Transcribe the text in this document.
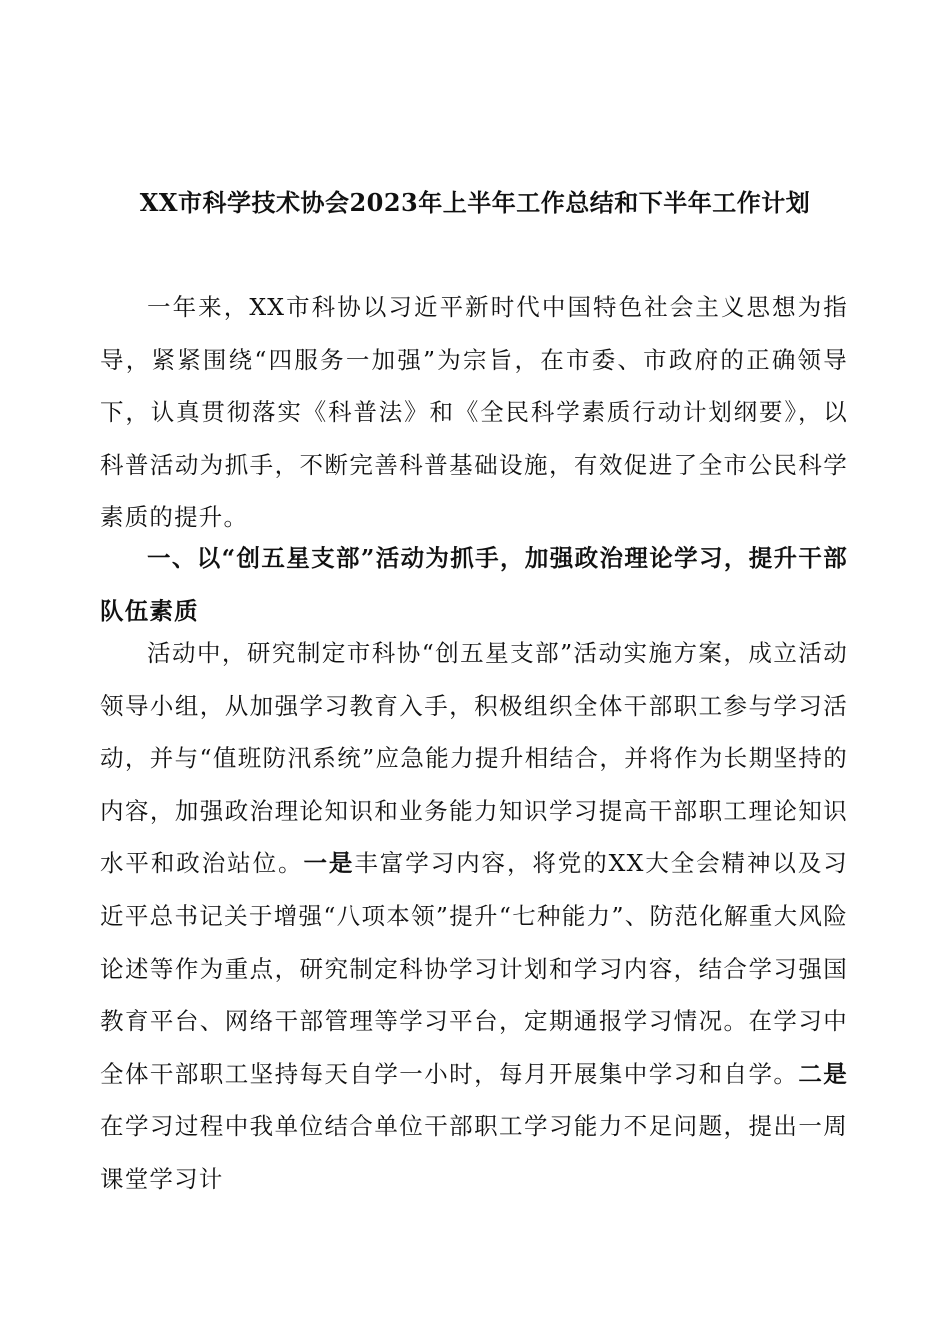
XX市科学技术协会2023年上半年工作总结和下半年工作计划
一年来，XX市科协以习近平新时代中国特色社会主义思想为指导，紧紧围绕“四服务一加强”为宗旨，在市委、市政府的正确领导下，认真贯彻落实《科普法》和《全民科学素质行动计划纲要》，以科普活动为抓手，不断完善科普基础设施，有效促进了全市公民科学素质的提升。
一、以“创五星支部”活动为抓手，加强政治理论学习，提升干部队伍素质
活动中，研究制定市科协“创五星支部”活动实施方案，成立活动领导小组，从加强学习教育入手，积极组织全体干部职工参与学习活动，并与“值班防汛系统”应急能力提升相结合，并将作为长期坚持的内容，加强政治理论知识和业务能力知识学习提高干部职工理论知识水平和政治站位。一是丰富学习内容，将党的XX大全会精神以及习近平总书记关于增强“八项本领”提升“七种能力”、防范化解重大风险论述等作为重点，研究制定科协学习计划和学习内容，结合学习强国教育平台、网络干部管理等学习平台，定期通报学习情况。在学习中全体干部职工坚持每天自学一小时，每月开展集中学习和自学。二是在学习过程中我单位结合单位干部职工学习能力不足问题，提出一周课堂学习计
